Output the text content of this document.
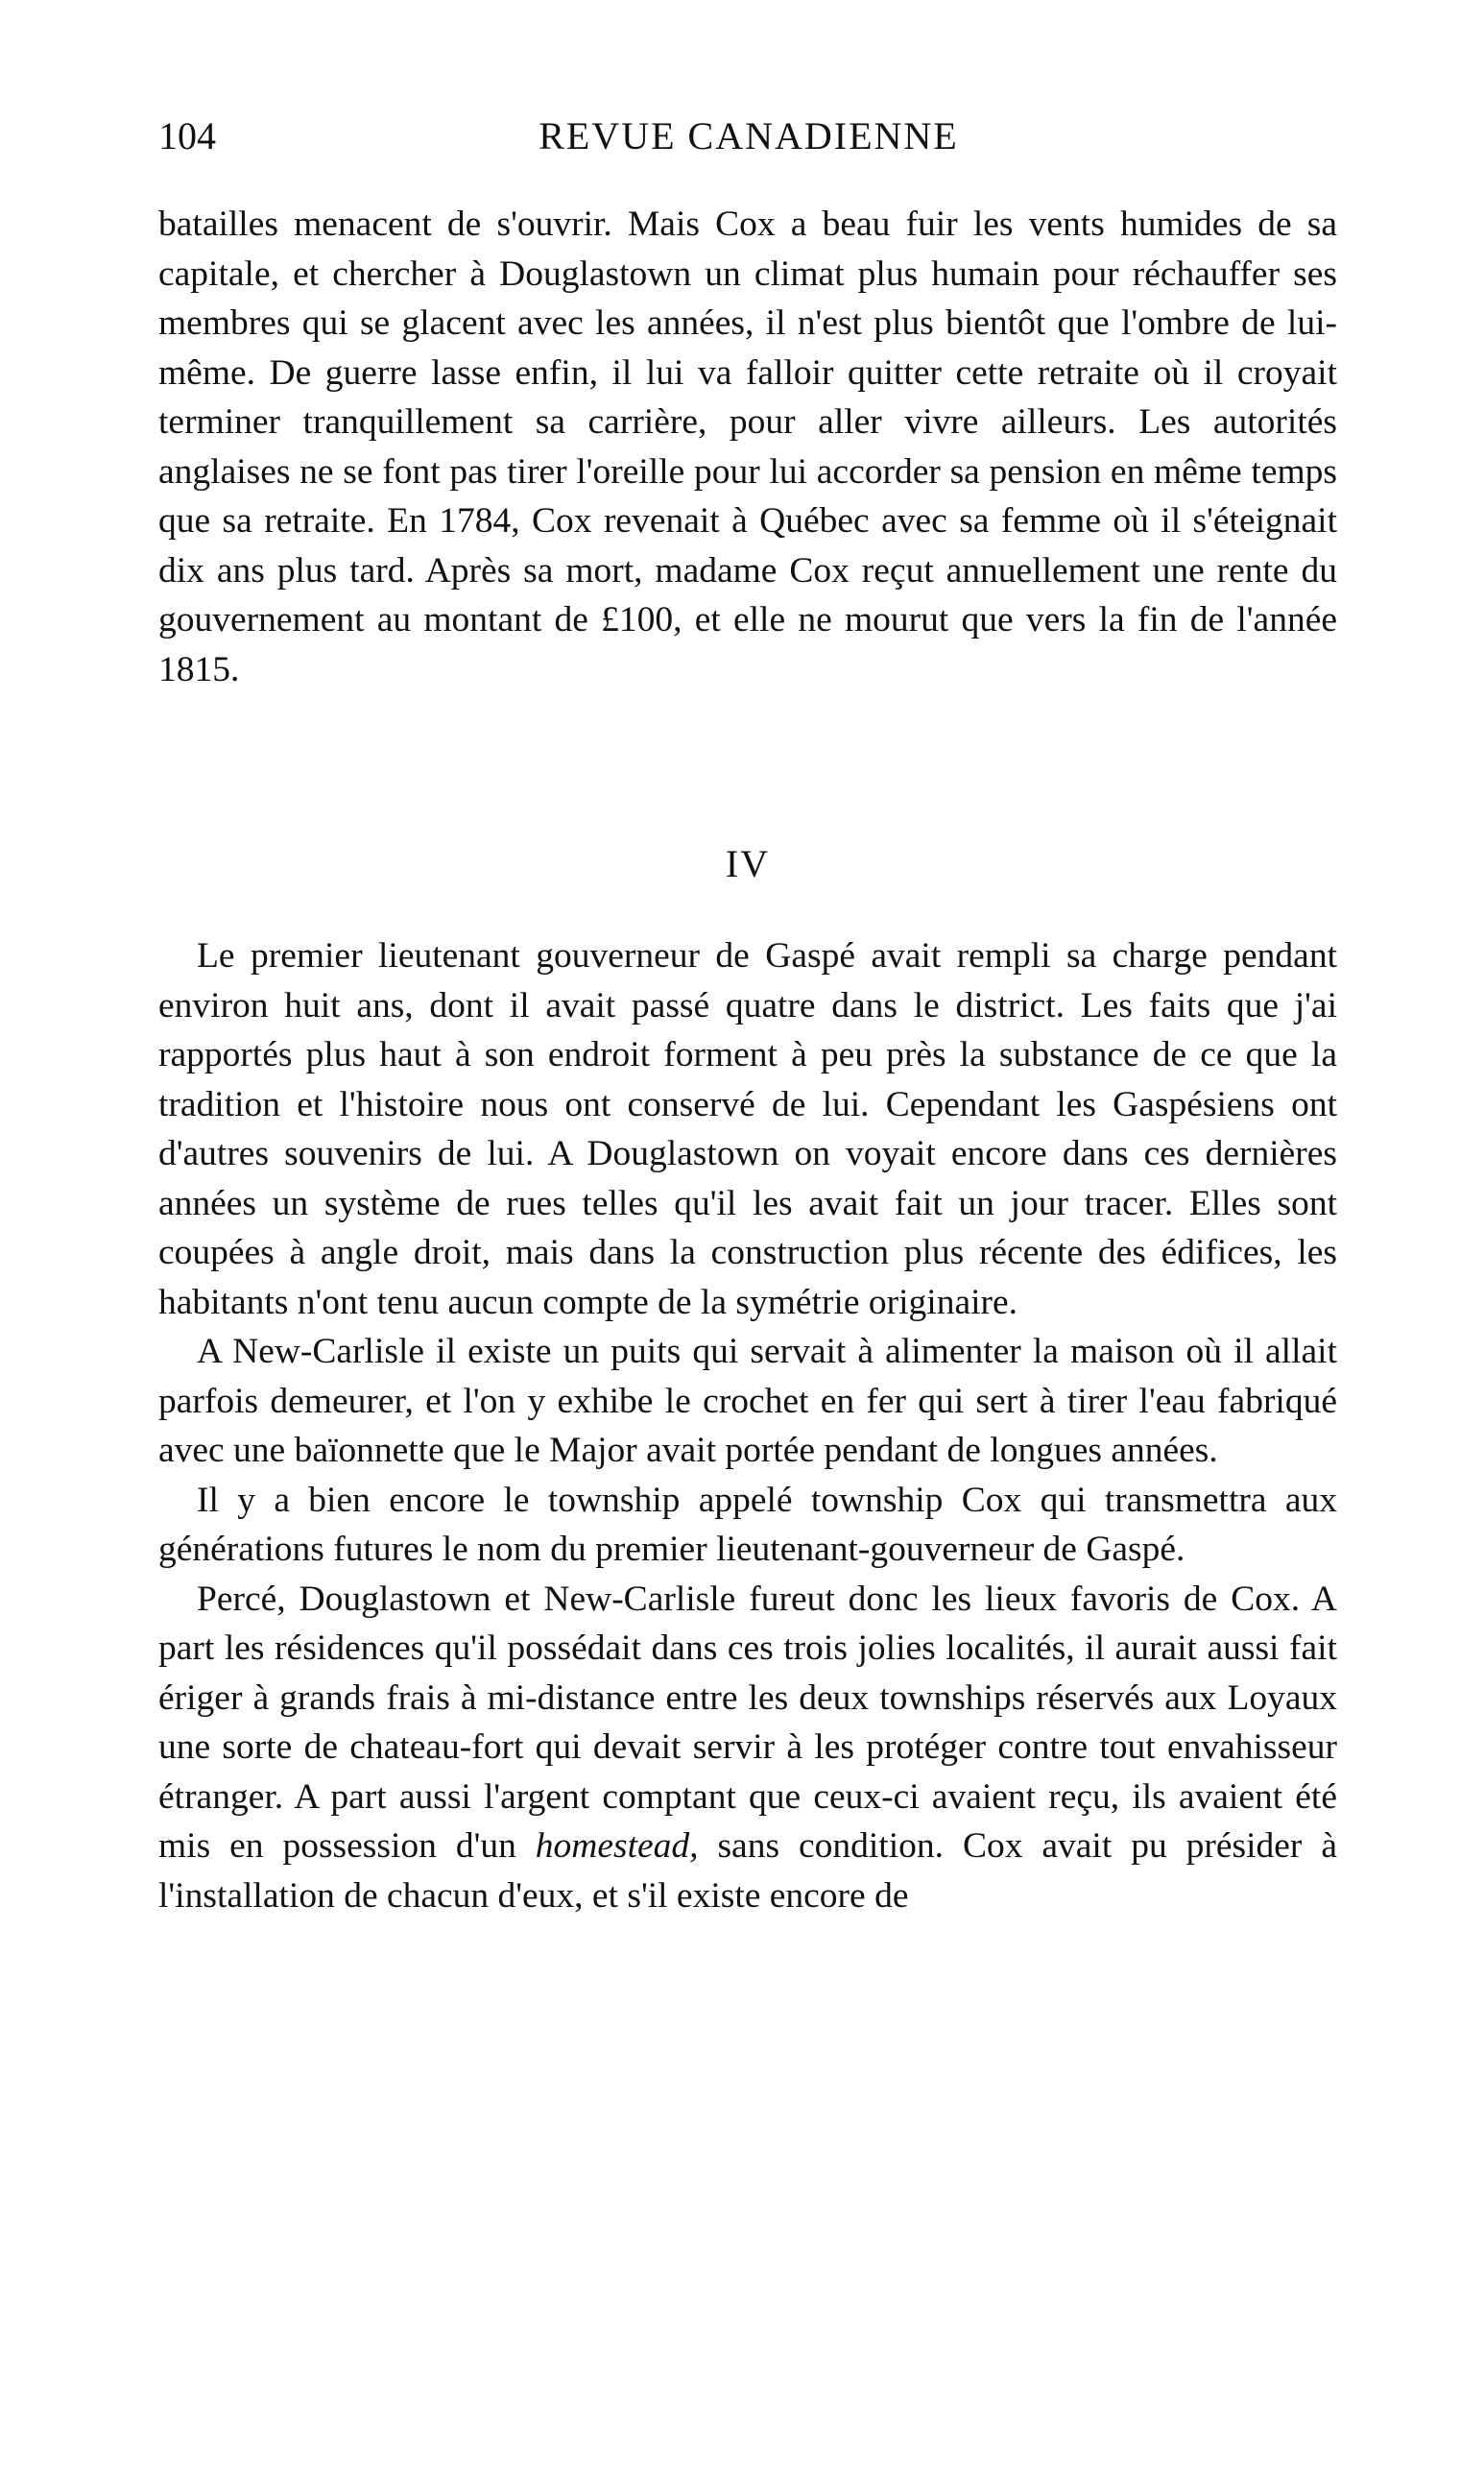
104	REVUE CANADIENNE

batailles menacent de s'ouvrir. Mais Cox a beau fuir les vents humides de sa capitale, et chercher à Douglastown un climat plus humain pour réchauffer ses membres qui se glacent avec les années, il n'est plus bientôt que l'ombre de lui-même. De guerre lasse enfin, il lui va falloir quitter cette retraite où il croyait terminer tranquillement sa carrière, pour aller vivre ailleurs. Les autorités anglaises ne se font pas tirer l'oreille pour lui accorder sa pension en même temps que sa retraite. En 1784, Cox revenait à Québec avec sa femme où il s'éteignait dix ans plus tard. Après sa mort, madame Cox reçut annuellement une rente du gouvernement au montant de £100, et elle ne mourut que vers la fin de l'année 1815.

IV

Le premier lieutenant gouverneur de Gaspé avait rempli sa charge pendant environ huit ans, dont il avait passé quatre dans le district. Les faits que j'ai rapportés plus haut à son endroit forment à peu près la substance de ce que la tradition et l'histoire nous ont conservé de lui. Cependant les Gaspésiens ont d'autres souvenirs de lui. A Douglastown on voyait encore dans ces dernières années un système de rues telles qu'il les avait fait un jour tracer. Elles sont coupées à angle droit, mais dans la construction plus récente des édifices, les habitants n'ont tenu aucun compte de la symétrie originaire.

A New-Carlisle il existe un puits qui servait à alimenter la maison où il allait parfois demeurer, et l'on y exhibe le crochet en fer qui sert à tirer l'eau fabriqué avec une baïonnette que le Major avait portée pendant de longues années.

Il y a bien encore le township appelé township Cox qui transmettra aux générations futures le nom du premier lieutenant-gouverneur de Gaspé.

Percé, Douglastown et New-Carlisle fureut donc les lieux favoris de Cox. A part les résidences qu'il possédait dans ces trois jolies localités, il aurait aussi fait ériger à grands frais à mi-distance entre les deux townships réservés aux Loyaux une sorte de chateau-fort qui devait servir à les protéger contre tout envahisseur étranger. A part aussi l'argent comptant que ceux-ci avaient reçu, ils avaient été mis en possession d'un homestead, sans condition. Cox avait pu présider à l'installation de chacun d'eux, et s'il existe encore de
